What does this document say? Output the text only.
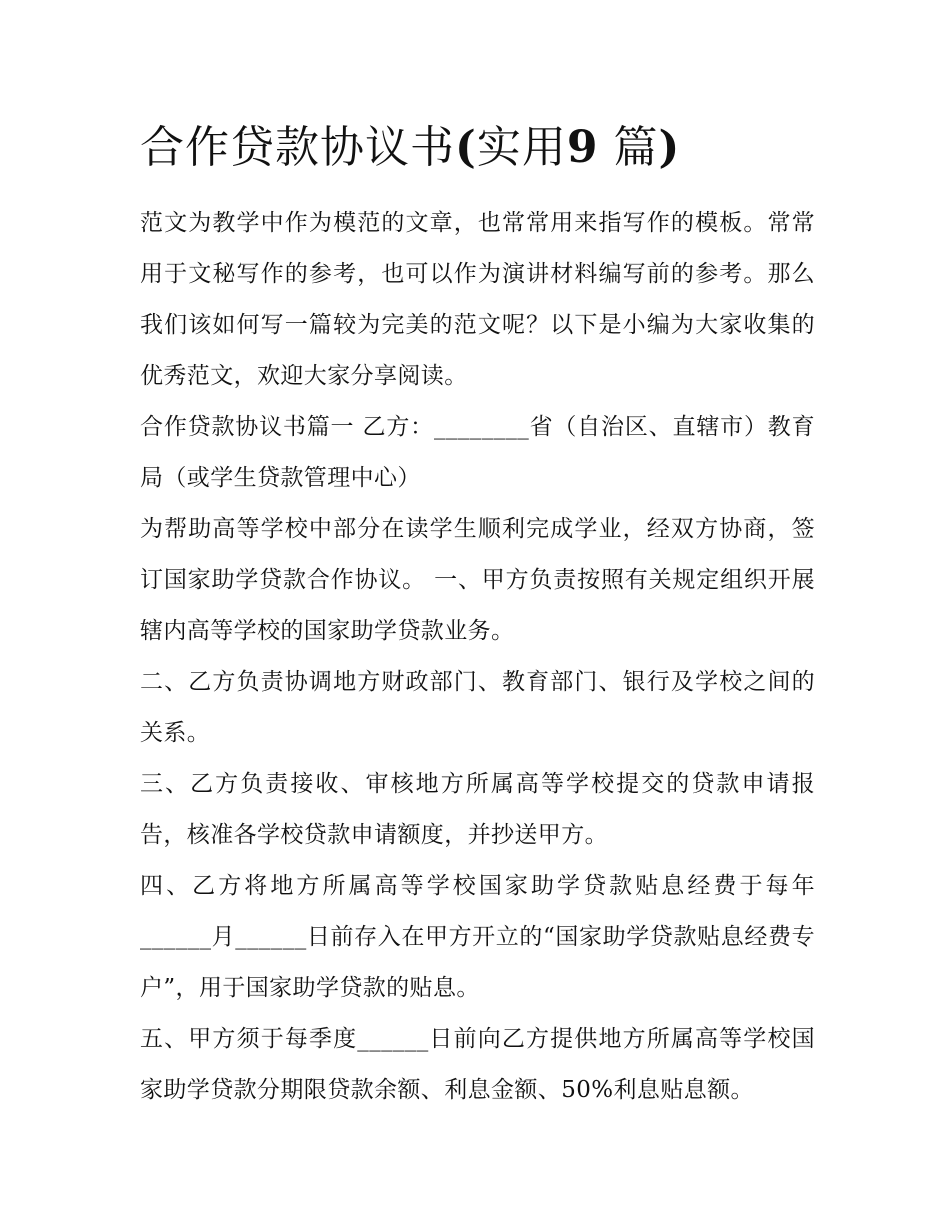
合作贷款协议书(实用9 篇)

范文为教学中作为模范的文章，也常常用来指写作的模板。常常用于文秘写作的参考，也可以作为演讲材料编写前的参考。那么我们该如何写一篇较为完美的范文呢？以下是小编为大家收集的优秀范文，欢迎大家分享阅读。

合作贷款协议书篇一 乙方：________省（自治区、直辖市）教育局（或学生贷款管理中心）

为帮助高等学校中部分在读学生顺利完成学业，经双方协商，签订国家助学贷款合作协议。 一、甲方负责按照有关规定组织开展辖内高等学校的国家助学贷款业务。

二、乙方负责协调地方财政部门、教育部门、银行及学校之间的关系。

三、乙方负责接收、审核地方所属高等学校提交的贷款申请报告，核准各学校贷款申请额度，并抄送甲方。

四、乙方将地方所属高等学校国家助学贷款贴息经费于每年______月______日前存入在甲方开立的“国家助学贷款贴息经费专户”，用于国家助学贷款的贴息。

五、甲方须于每季度______日前向乙方提供地方所属高等学校国家助学贷款分期限贷款余额、利息金额、50%利息贴息额。
